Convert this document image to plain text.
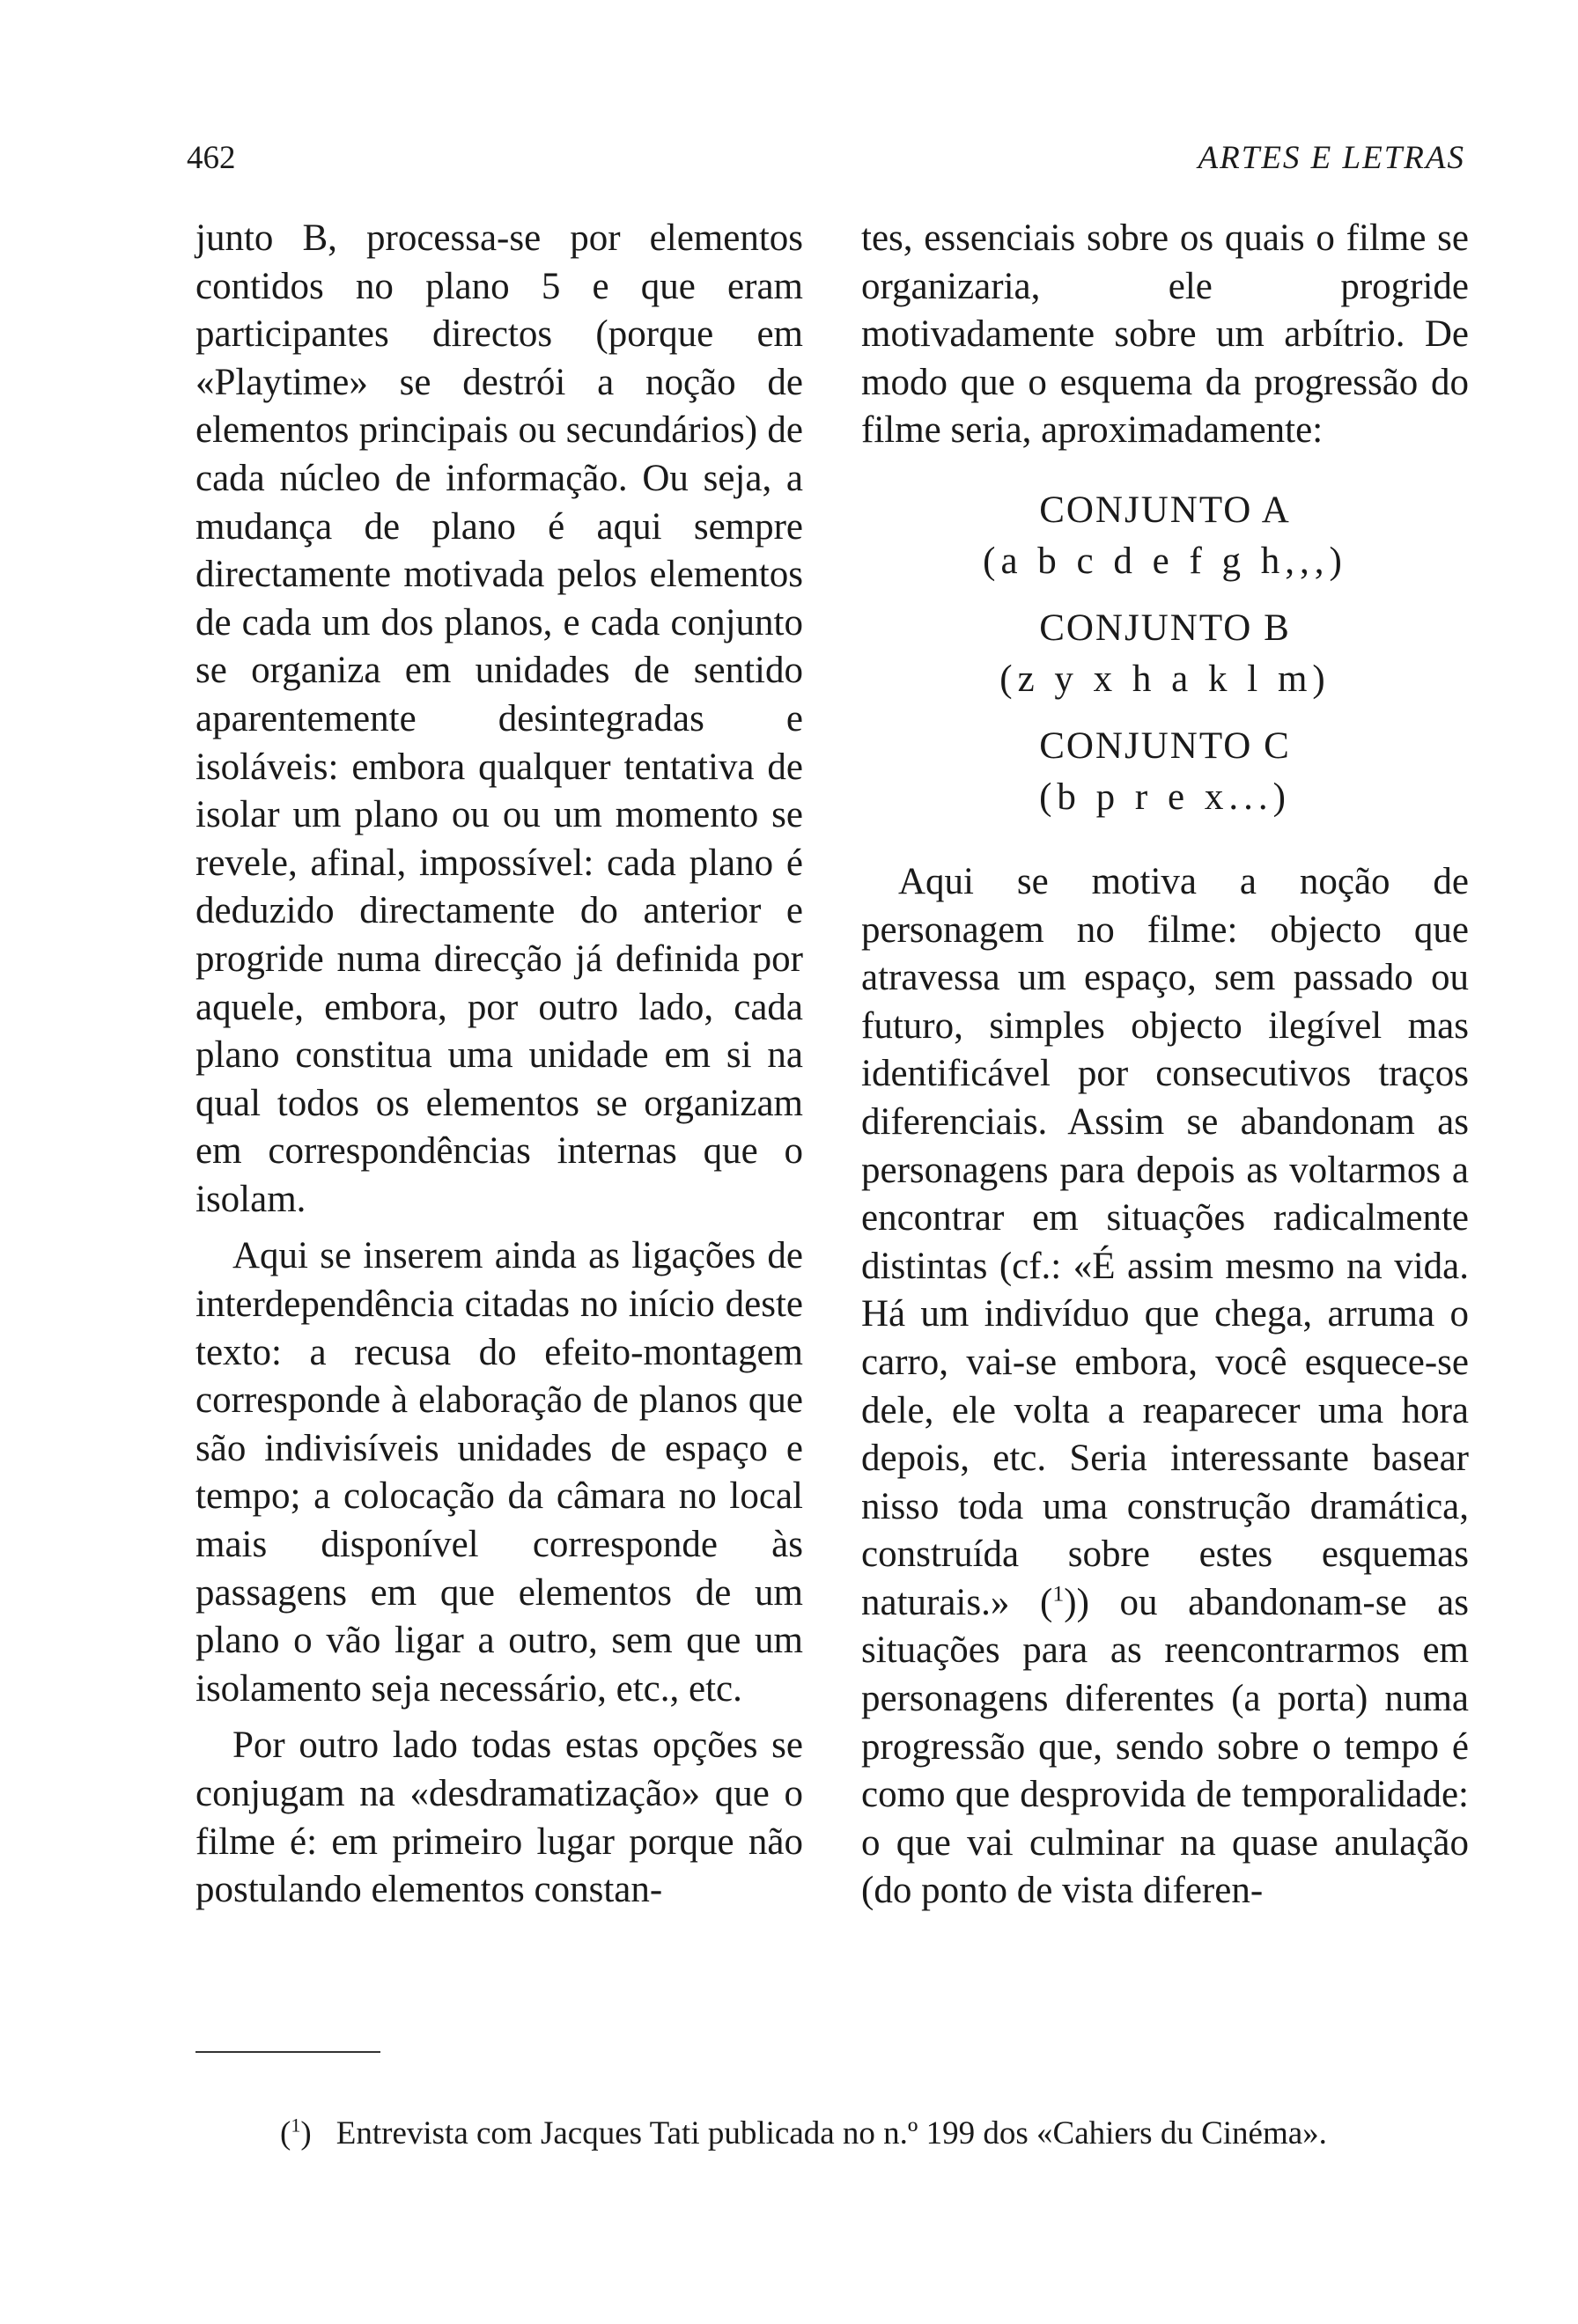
462	ARTES E LETRAS

junto B, processa-se por elementos contidos no plano 5 e que eram participantes directos (porque em «Playtime» se destrói a noção de elementos principais ou secundários) de cada núcleo de informação. Ou seja, a mudança de plano é aqui sempre directamente motivada pelos elementos de cada um dos planos, e cada conjunto se organiza em unidades de sentido aparentemente desintegradas e isoláveis: embora qualquer tentativa de isolar um plano ou ou um momento se revele, afinal, impossível: cada plano é deduzido directamente do anterior e progride numa direcção já definida por aquele, embora, por outro lado, cada plano constitua uma unidade em si na qual todos os elementos se organizam em correspondências internas que o isolam.

Aqui se inserem ainda as ligações de interdependência citadas no início deste texto: a recusa do efeito-montagem corresponde à elaboração de planos que são indivisíveis unidades de espaço e tempo; a colocação da câmara no local mais disponível corresponde às passagens em que elementos de um plano o vão ligar a outro, sem que um isolamento seja necessário, etc., etc.

Por outro lado todas estas opções se conjugam na «desdramatização» que o filme é: em primeiro lugar porque não postulando elementos constan-

tes, essenciais sobre os quais o filme se organizaria, ele progride motivadamente sobre um arbítrio. De modo que o esquema da progressão do filme seria, aproximadamente:

CONJUNTO A
(a b c d e f g h,,,)
CONJUNTO B
(z y x h a k l m)
CONJUNTO C
(b p r e x...)

Aqui se motiva a noção de personagem no filme: objecto que atravessa um espaço, sem passado ou futuro, simples objecto ilegível mas identificável por consecutivos traços diferenciais. Assim se abandonam as personagens para depois as voltarmos a encontrar em situações radicalmente distintas (cf.: «É assim mesmo na vida. Há um indivíduo que chega, arruma o carro, vai-se embora, você esquece-se dele, ele volta a reaparecer uma hora depois, etc. Seria interessante basear nisso toda uma construção dramática, construída sobre estes esquemas naturais.» ($^1$)) ou abandonam-se as situações para as reencontrarmos em personagens diferentes (a porta) numa progressão que, sendo sobre o tempo é como que desprovida de temporalidade: o que vai culminar na quase anulação (do ponto de vista diferen-

($^1$) Entrevista com Jacques Tati publicada no n.º 199 dos «Cahiers du Cinéma».
